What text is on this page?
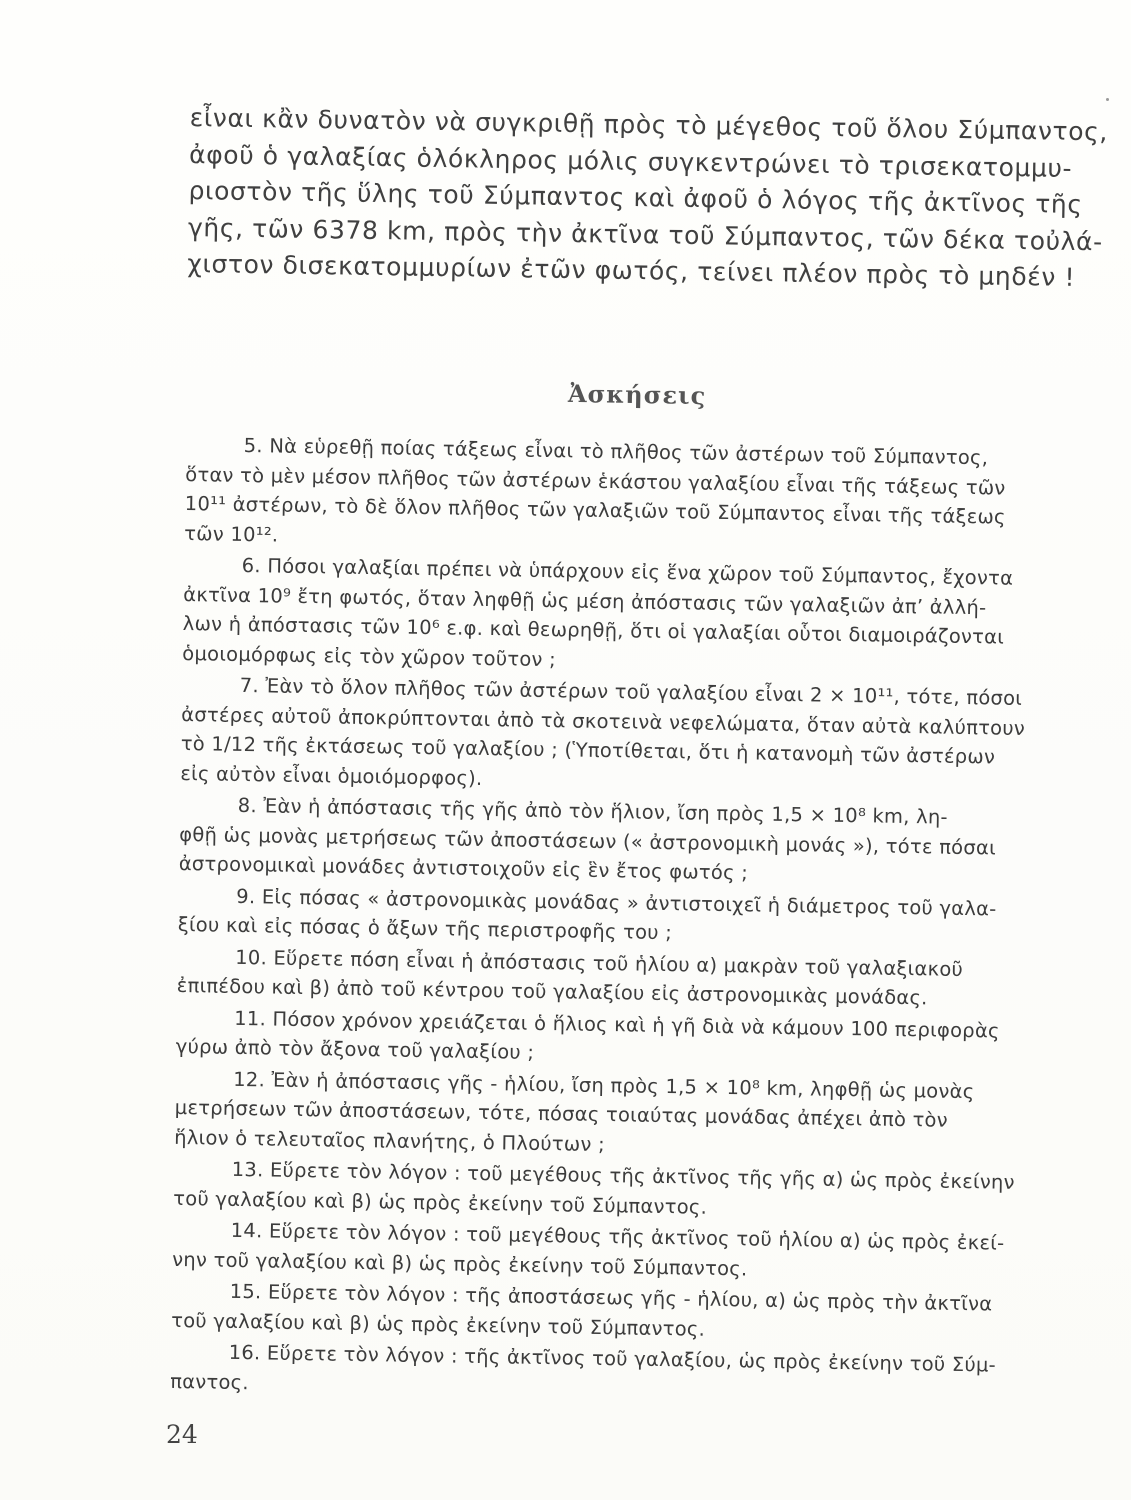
εἶναι κἂν δυνατὸν νὰ συγκριθῇ πρὸς τὸ μέγεθος τοῦ ὅλου Σύμπαντος,
ἀφοῦ ὁ γαλαξίας ὁλόκληρος μόλις συγκεντρώνει τὸ τρισεκατομμυ-
ριοστὸν τῆς ὕλης τοῦ Σύμπαντος καὶ ἀφοῦ ὁ λόγος τῆς ἀκτῖνος τῆς
γῆς, τῶν 6378 km, πρὸς τὴν ἀκτῖνα τοῦ Σύμπαντος, τῶν δέκα τοὐλά-
χιστον δισεκατομμυρίων ἐτῶν φωτός, τείνει πλέον πρὸς τὸ μηδέν !
Ἀσκήσεις
5. Νὰ εὑρεθῇ ποίας τάξεως εἶναι τὸ πλῆθος τῶν ἀστέρων τοῦ Σύμπαντος,
ὅταν τὸ μὲν μέσον πλῆθος τῶν ἀστέρων ἑκάστου γαλαξίου εἶναι τῆς τάξεως τῶν
10¹¹ ἀστέρων, τὸ δὲ ὅλον πλῆθος τῶν γαλαξιῶν τοῦ Σύμπαντος εἶναι τῆς τάξεως
τῶν 10¹².
6. Πόσοι γαλαξίαι πρέπει νὰ ὑπάρχουν εἰς ἕνα χῶρον τοῦ Σύμπαντος, ἔχοντα
ἀκτῖνα 10⁹ ἔτη φωτός, ὅταν ληφθῇ ὡς μέση ἀπόστασις τῶν γαλαξιῶν ἀπ’ ἀλλή-
λων ἡ ἀπόστασις τῶν 10⁶ ε.φ. καὶ θεωρηθῇ, ὅτι οἱ γαλαξίαι οὗτοι διαμοιράζονται
ὁμοιομόρφως εἰς τὸν χῶρον τοῦτον ;
7. Ἐὰν τὸ ὅλον πλῆθος τῶν ἀστέρων τοῦ γαλαξίου εἶναι 2 × 10¹¹, τότε, πόσοι
ἀστέρες αὐτοῦ ἀποκρύπτονται ἀπὸ τὰ σκοτεινὰ νεφελώματα, ὅταν αὐτὰ καλύπτουν
τὸ 1/12 τῆς ἐκτάσεως τοῦ γαλαξίου ; (Ὑποτίθεται, ὅτι ἡ κατανομὴ τῶν ἀστέρων
εἰς αὐτὸν εἶναι ὁμοιόμορφος).
8. Ἐὰν ἡ ἀπόστασις τῆς γῆς ἀπὸ τὸν ἥλιον, ἴση πρὸς 1,5 × 10⁸ km, λη-
φθῇ ὡς μονὰς μετρήσεως τῶν ἀποστάσεων (« ἀστρονομικὴ μονάς »), τότε πόσαι
ἀστρονομικαὶ μονάδες ἀντιστοιχοῦν εἰς ἓν ἔτος φωτός ;
9. Εἰς πόσας « ἀστρονομικὰς μονάδας » ἀντιστοιχεῖ ἡ διάμετρος τοῦ γαλα-
ξίου καὶ εἰς πόσας ὁ ἄξων τῆς περιστροφῆς του ;
10. Εὕρετε πόση εἶναι ἡ ἀπόστασις τοῦ ἡλίου α) μακρὰν τοῦ γαλαξιακοῦ
ἐπιπέδου καὶ β) ἀπὸ τοῦ κέντρου τοῦ γαλαξίου εἰς ἀστρονομικὰς μονάδας.
11. Πόσον χρόνον χρειάζεται ὁ ἥλιος καὶ ἡ γῆ διὰ νὰ κάμουν 100 περιφορὰς
γύρω ἀπὸ τὸν ἄξονα τοῦ γαλαξίου ;
12. Ἐὰν ἡ ἀπόστασις γῆς - ἡλίου, ἴση πρὸς 1,5 × 10⁸ km, ληφθῇ ὡς μονὰς
μετρήσεων τῶν ἀποστάσεων, τότε, πόσας τοιαύτας μονάδας ἀπέχει ἀπὸ τὸν
ἥλιον ὁ τελευταῖος πλανήτης, ὁ Πλούτων ;
13. Εὕρετε τὸν λόγον : τοῦ μεγέθους τῆς ἀκτῖνος τῆς γῆς α) ὡς πρὸς ἐκείνην
τοῦ γαλαξίου καὶ β) ὡς πρὸς ἐκείνην τοῦ Σύμπαντος.
14. Εὕρετε τὸν λόγον : τοῦ μεγέθους τῆς ἀκτῖνος τοῦ ἡλίου α) ὡς πρὸς ἐκεί-
νην τοῦ γαλαξίου καὶ β) ὡς πρὸς ἐκείνην τοῦ Σύμπαντος.
15. Εὕρετε τὸν λόγον : τῆς ἀποστάσεως γῆς - ἡλίου, α) ὡς πρὸς τὴν ἀκτῖνα
τοῦ γαλαξίου καὶ β) ὡς πρὸς ἐκείνην τοῦ Σύμπαντος.
16. Εὕρετε τὸν λόγον : τῆς ἀκτῖνος τοῦ γαλαξίου, ὡς πρὸς ἐκείνην τοῦ Σύμ-
παντος.
24
